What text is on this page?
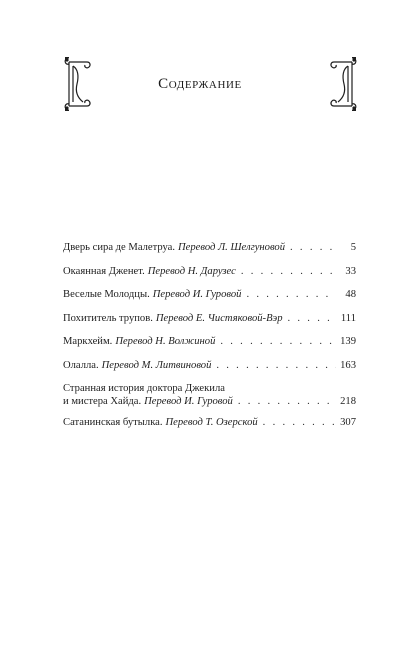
Содержание
Дверь сира де Малетруа. Перевод Л. Шелгуновой . . .	5
Окаянная Дженет. Перевод Н. Дарузес . . .	33
Веселые Молодцы. Перевод И. Гуровой . . .	48
Похититель трупов. Перевод Е. Чистяковой-Вэр . . .	111
Маркхейм. Перевод Н. Волжиной . . .	139
Олалла. Перевод М. Литвиновой . . .	163
Странная история доктора Джекила
и мистера Хайда. Перевод И. Гуровой . . .	218
Сатанинская бутылка. Перевод Т. Озерской . . .	307
